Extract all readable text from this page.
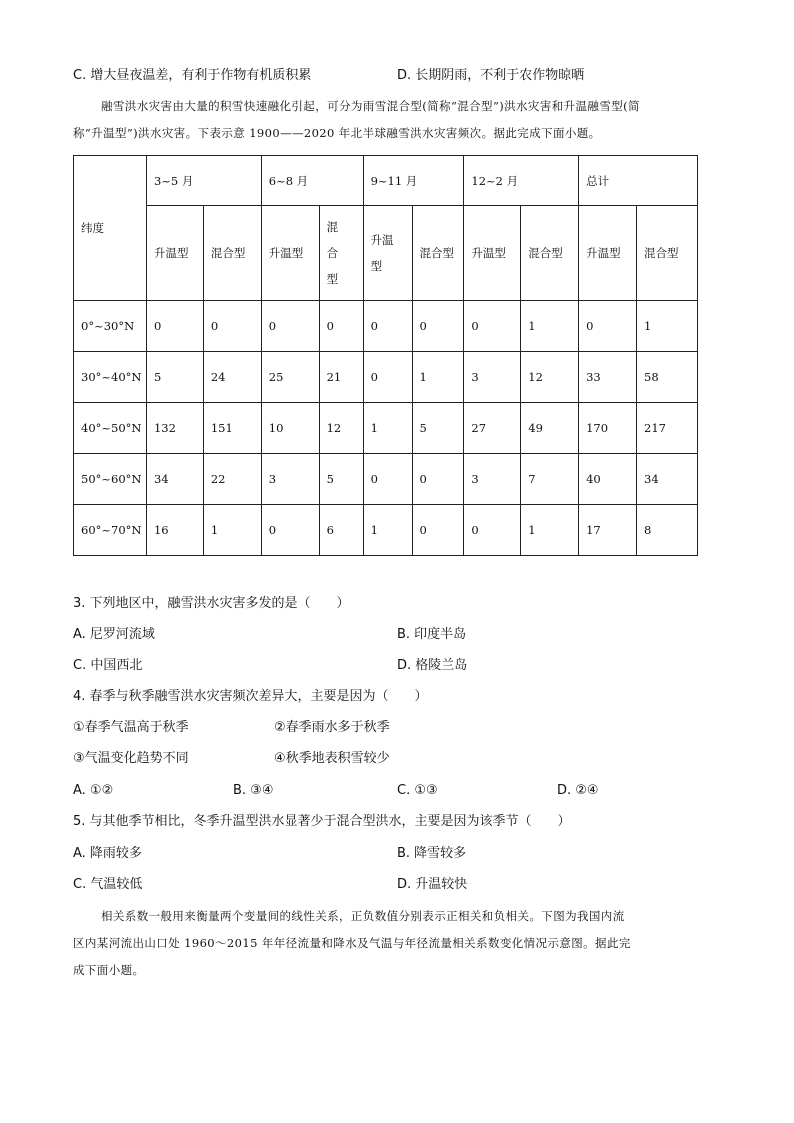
C. 增大昼夜温差，有利于作物有机质积累	D. 长期阴雨，不利于农作物晾晒
融雪洪水灾害由大量的积雪快速融化引起，可分为雨雪混合型(简称“混合型”)洪水灾害和升温融雪型(简
称“升温型”)洪水灾害。下表示意 1900——2020 年北半球融雪洪水灾害频次。据此完成下面小题。
纬度	3~5 月		6~8 月		9~11 月		12~2 月		总计	
	升温型	混合型	升温型	混合型	升温型	混合型	升温型	混合型	升温型	混合型
0°~30°N	0	0	0	0	0	0	0	1	0	1
30°~40°N	5	24	25	21	0	1	3	12	33	58
40°~50°N	132	151	10	12	1	5	27	49	170	217
50°~60°N	34	22	3	5	0	0	3	7	40	34
60°~70°N	16	1	0	6	1	0	0	1	17	8
3. 下列地区中，融雪洪水灾害多发的是（　　）
A. 尼罗河流域	B. 印度半岛
C. 中国西北	D. 格陵兰岛
4. 春季与秋季融雪洪水灾害频次差异大，主要是因为（　　）
①春季气温高于秋季	②春季雨水多于秋季
③气温变化趋势不同	④秋季地表积雪较少
A. ①②	B. ③④	C. ①③	D. ②④
5. 与其他季节相比，冬季升温型洪水显著少于混合型洪水，主要是因为该季节（　　）
A. 降雨较多	B. 降雪较多
C. 气温较低	D. 升温较快
相关系数一般用来衡量两个变量间的线性关系，正负数值分别表示正相关和负相关。下图为我国内流
区内某河流出山口处 1960～2015 年年径流量和降水及气温与年径流量相关系数变化情况示意图。据此完
成下面小题。
